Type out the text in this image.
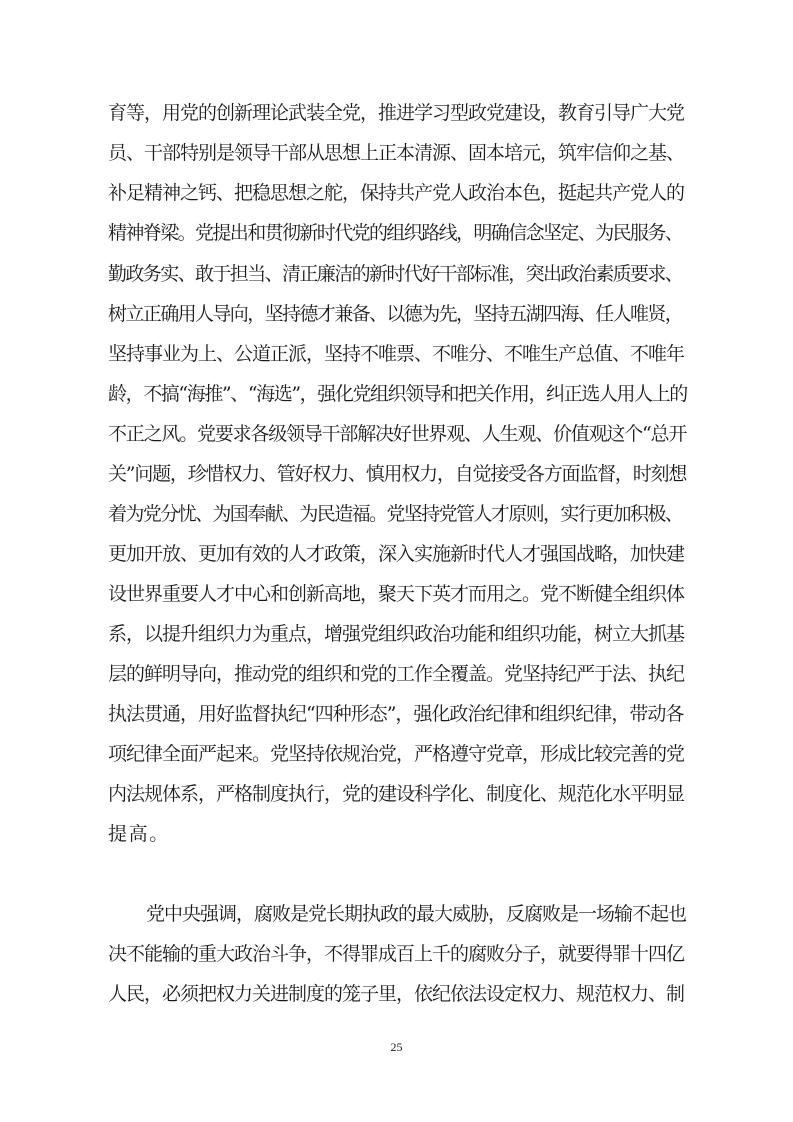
育等，用党的创新理论武装全党，推进学习型政党建设，教育引导广大党
员、干部特别是领导干部从思想上正本清源、固本培元，筑牢信仰之基、
补足精神之钙、把稳思想之舵，保持共产党人政治本色，挺起共产党人的
精神脊梁。党提出和贯彻新时代党的组织路线，明确信念坚定、为民服务、
勤政务实、敢于担当、清正廉洁的新时代好干部标准，突出政治素质要求、
树立正确用人导向，坚持德才兼备、以德为先，坚持五湖四海、任人唯贤，
坚持事业为上、公道正派，坚持不唯票、不唯分、不唯生产总值、不唯年
龄，不搞“海推”、“海选”，强化党组织领导和把关作用，纠正选人用人上的
不正之风。党要求各级领导干部解决好世界观、人生观、价值观这个“总开
关”问题，珍惜权力、管好权力、慎用权力，自觉接受各方面监督，时刻想
着为党分忧、为国奉献、为民造福。党坚持党管人才原则，实行更加积极、
更加开放、更加有效的人才政策，深入实施新时代人才强国战略，加快建
设世界重要人才中心和创新高地，聚天下英才而用之。党不断健全组织体
系，以提升组织力为重点，增强党组织政治功能和组织功能，树立大抓基
层的鲜明导向，推动党的组织和党的工作全覆盖。党坚持纪严于法、执纪
执法贯通，用好监督执纪“四种形态”，强化政治纪律和组织纪律，带动各
项纪律全面严起来。党坚持依规治党，严格遵守党章，形成比较完善的党
内法规体系，严格制度执行，党的建设科学化、制度化、规范化水平明显
提高。
党中央强调，腐败是党长期执政的最大威胁，反腐败是一场输不起也
决不能输的重大政治斗争，不得罪成百上千的腐败分子，就要得罪十四亿
人民，必须把权力关进制度的笼子里，依纪依法设定权力、规范权力、制
25
